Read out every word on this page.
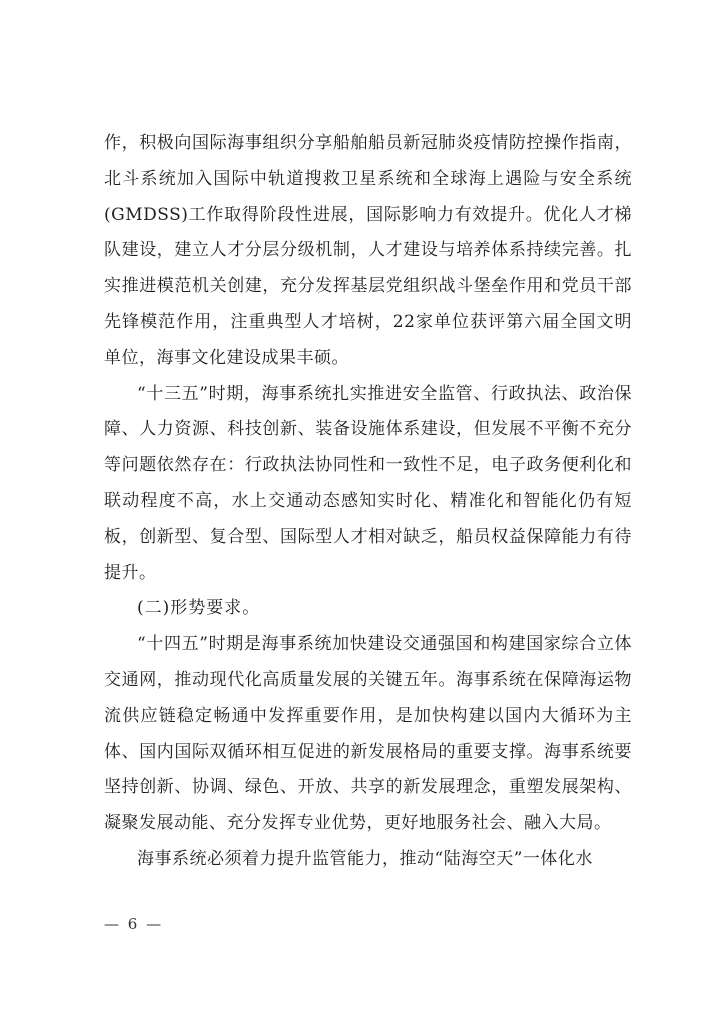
作，积极向国际海事组织分享船舶船员新冠肺炎疫情防控操作指南，北斗系统加入国际中轨道搜救卫星系统和全球海上遇险与安全系统(GMDSS)工作取得阶段性进展，国际影响力有效提升。优化人才梯队建设，建立人才分层分级机制，人才建设与培养体系持续完善。扎实推进模范机关创建，充分发挥基层党组织战斗堡垒作用和党员干部先锋模范作用，注重典型人才培树，22家单位获评第六届全国文明单位，海事文化建设成果丰硕。

“十三五”时期，海事系统扎实推进安全监管、行政执法、政治保障、人力资源、科技创新、装备设施体系建设，但发展不平衡不充分等问题依然存在：行政执法协同性和一致性不足，电子政务便利化和联动程度不高，水上交通动态感知实时化、精准化和智能化仍有短板，创新型、复合型、国际型人才相对缺乏，船员权益保障能力有待提升。

(二)形势要求。

“十四五”时期是海事系统加快建设交通强国和构建国家综合立体交通网，推动现代化高质量发展的关键五年。海事系统在保障海运物流供应链稳定畅通中发挥重要作用，是加快构建以国内大循环为主体、国内国际双循环相互促进的新发展格局的重要支撑。海事系统要坚持创新、协调、绿色、开放、共享的新发展理念，重塑发展架构、凝聚发展动能、充分发挥专业优势，更好地服务社会、融入大局。

海事系统必须着力提升监管能力，推动“陆海空天”一体化水

— 6 —
